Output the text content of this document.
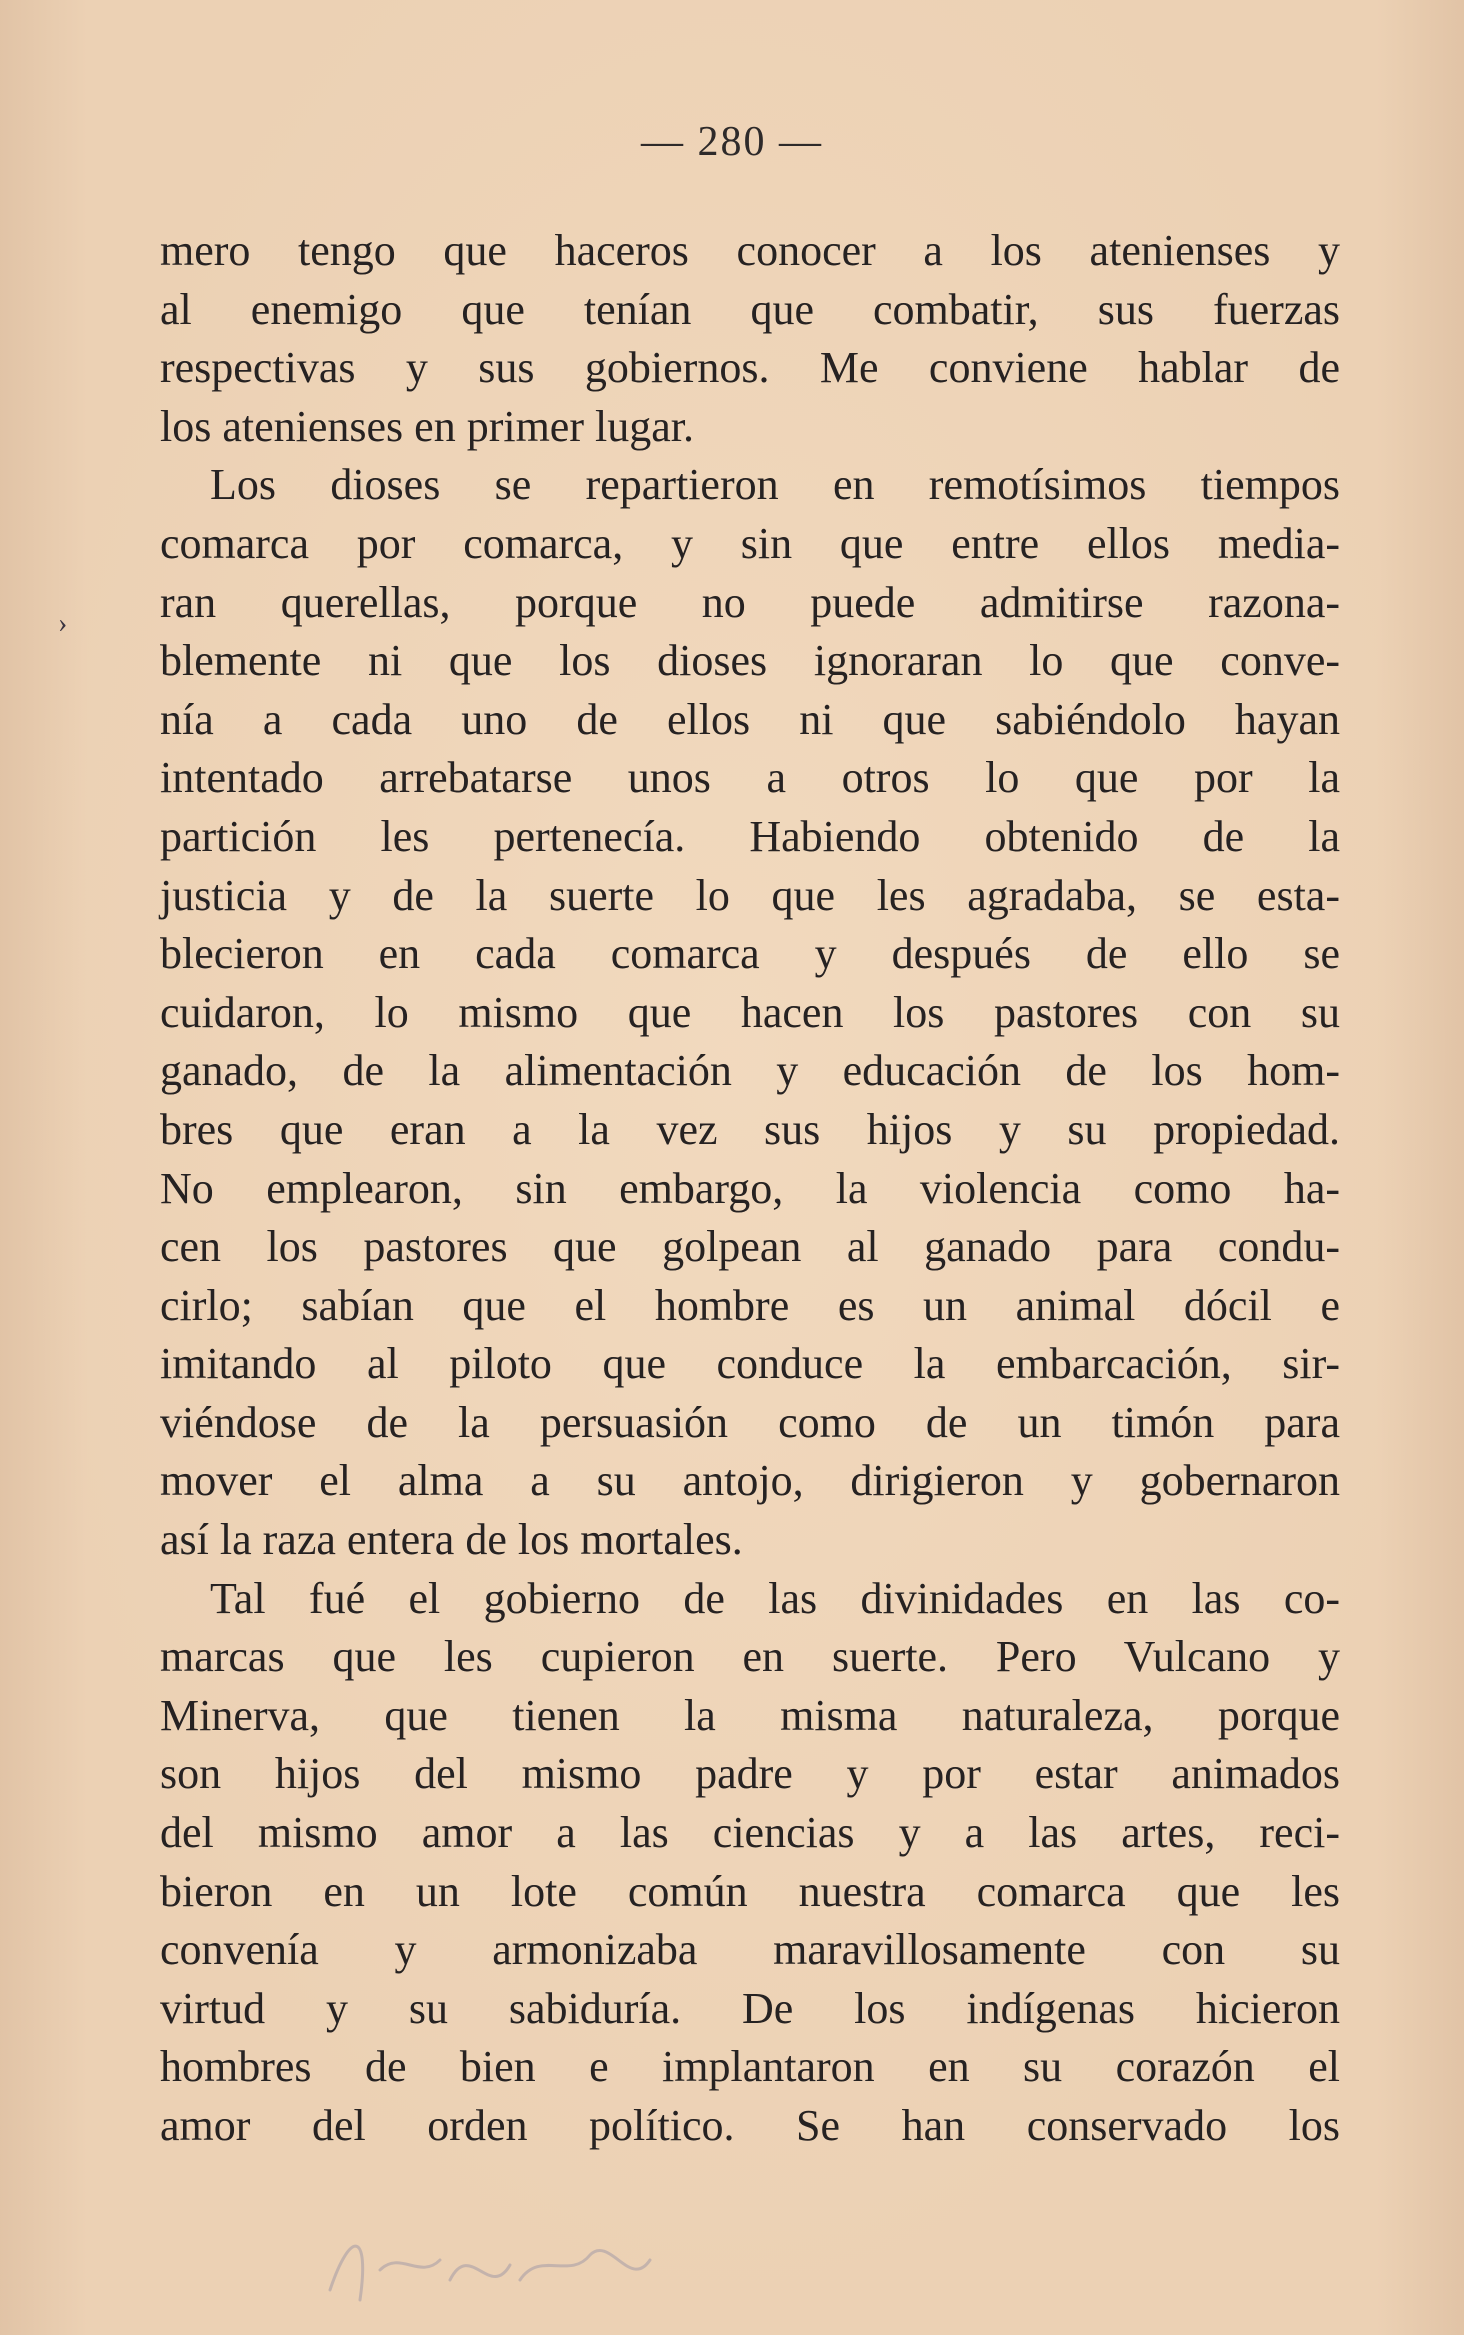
— 280 —
›
mero tengo que haceros conocer a los atenienses y
al enemigo que tenían que combatir, sus fuerzas
respectivas y sus gobiernos. Me conviene hablar de
los atenienses en primer lugar.
Los dioses se repartieron en remotísimos tiempos
comarca por comarca, y sin que entre ellos media-
ran querellas, porque no puede admitirse razona-
blemente ni que los dioses ignoraran lo que conve-
nía a cada uno de ellos ni que sabiéndolo hayan
intentado arrebatarse unos a otros lo que por la
partición les pertenecía. Habiendo obtenido de la
justicia y de la suerte lo que les agradaba, se esta-
blecieron en cada comarca y después de ello se
cuidaron, lo mismo que hacen los pastores con su
ganado, de la alimentación y educación de los hom-
bres que eran a la vez sus hijos y su propiedad.
No emplearon, sin embargo, la violencia como ha-
cen los pastores que golpean al ganado para condu-
cirlo; sabían que el hombre es un animal dócil e
imitando al piloto que conduce la embarcación, sir-
viéndose de la persuasión como de un timón para
mover el alma a su antojo, dirigieron y gobernaron
así la raza entera de los mortales.
Tal fué el gobierno de las divinidades en las co-
marcas que les cupieron en suerte. Pero Vulcano y
Minerva, que tienen la misma naturaleza, porque
son hijos del mismo padre y por estar animados
del mismo amor a las ciencias y a las artes, reci-
bieron en un lote común nuestra comarca que les
convenía y armonizaba maravillosamente con su
virtud y su sabiduría. De los indígenas hicieron
hombres de bien e implantaron en su corazón el
amor del orden político. Se han conservado los
